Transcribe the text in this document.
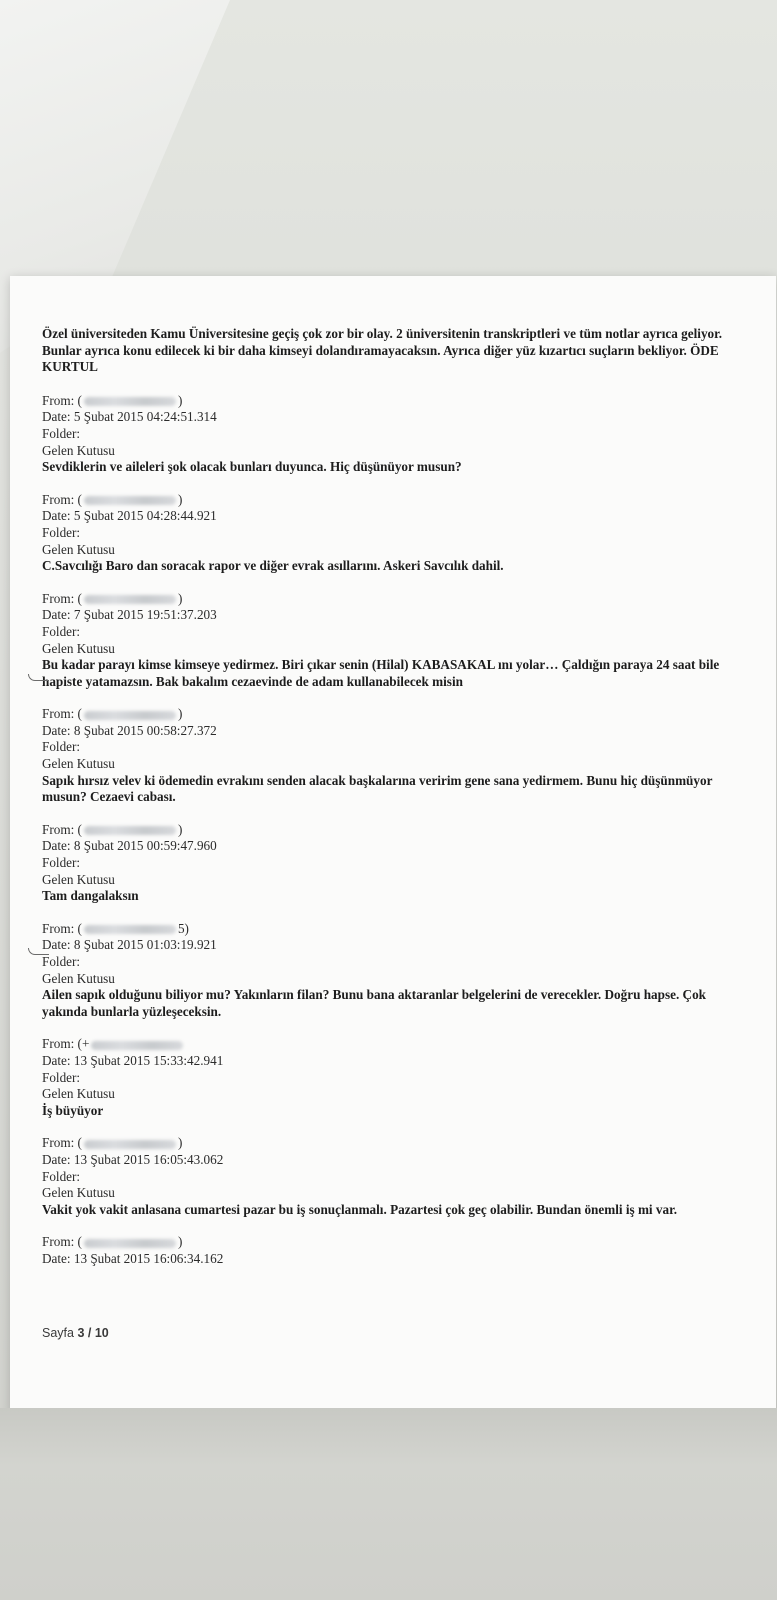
Özel üniversiteden Kamu Üniversitesine geçiş çok zor bir olay. 2 üniversitenin transkriptleri ve tüm notlar ayrıca geliyor. Bunlar ayrıca konu edilecek ki bir daha kimseyi dolandıramayacaksın. Ayrıca diğer yüz kızartıcı suçların bekliyor. ÖDE KURTUL
From: (	)
Date: 5 Şubat 2015 04:24:51.314
Folder:
Gelen Kutusu
Sevdiklerin ve aileleri şok olacak bunları duyunca. Hiç düşünüyor musun?
From: (	)
Date: 5 Şubat 2015 04:28:44.921
Folder:
Gelen Kutusu
C.Savcılığı Baro dan soracak rapor ve diğer evrak asıllarını. Askeri Savcılık dahil.
From: (	)
Date: 7 Şubat 2015 19:51:37.203
Folder:
Gelen Kutusu
Bu kadar parayı kimse kimseye yedirmez. Biri çıkar senin (Hilal) KABASAKAL ını yolar… Çaldığın paraya 24 saat bile hapiste yatamazsın. Bak bakalım cezaevinde de adam kullanabilecek misin
From: (	)
Date: 8 Şubat 2015 00:58:27.372
Folder:
Gelen Kutusu
Sapık hırsız velev ki ödemedin evrakını senden alacak başkalarına veririm gene sana yedirmem. Bunu hiç düşünmüyor musun? Cezaevi cabası.
From: (	)
Date: 8 Şubat 2015 00:59:47.960
Folder:
Gelen Kutusu
Tam dangalaksın
From: (	5)
Date: 8 Şubat 2015 01:03:19.921
Folder:
Gelen Kutusu
Ailen sapık olduğunu biliyor mu? Yakınların filan? Bunu bana aktaranlar belgelerini de verecekler. Doğru hapse. Çok yakında bunlarla yüzleşeceksin.
From: (+
Date: 13 Şubat 2015 15:33:42.941
Folder:
Gelen Kutusu
İş büyüyor
From: (	)
Date: 13 Şubat 2015 16:05:43.062
Folder:
Gelen Kutusu
Vakit yok vakit anlasana cumartesi pazar bu iş sonuçlanmalı. Pazartesi çok geç olabilir. Bundan önemli iş mi var.
From: (	)
Date: 13 Şubat 2015 16:06:34.162
Sayfa 3 / 10
